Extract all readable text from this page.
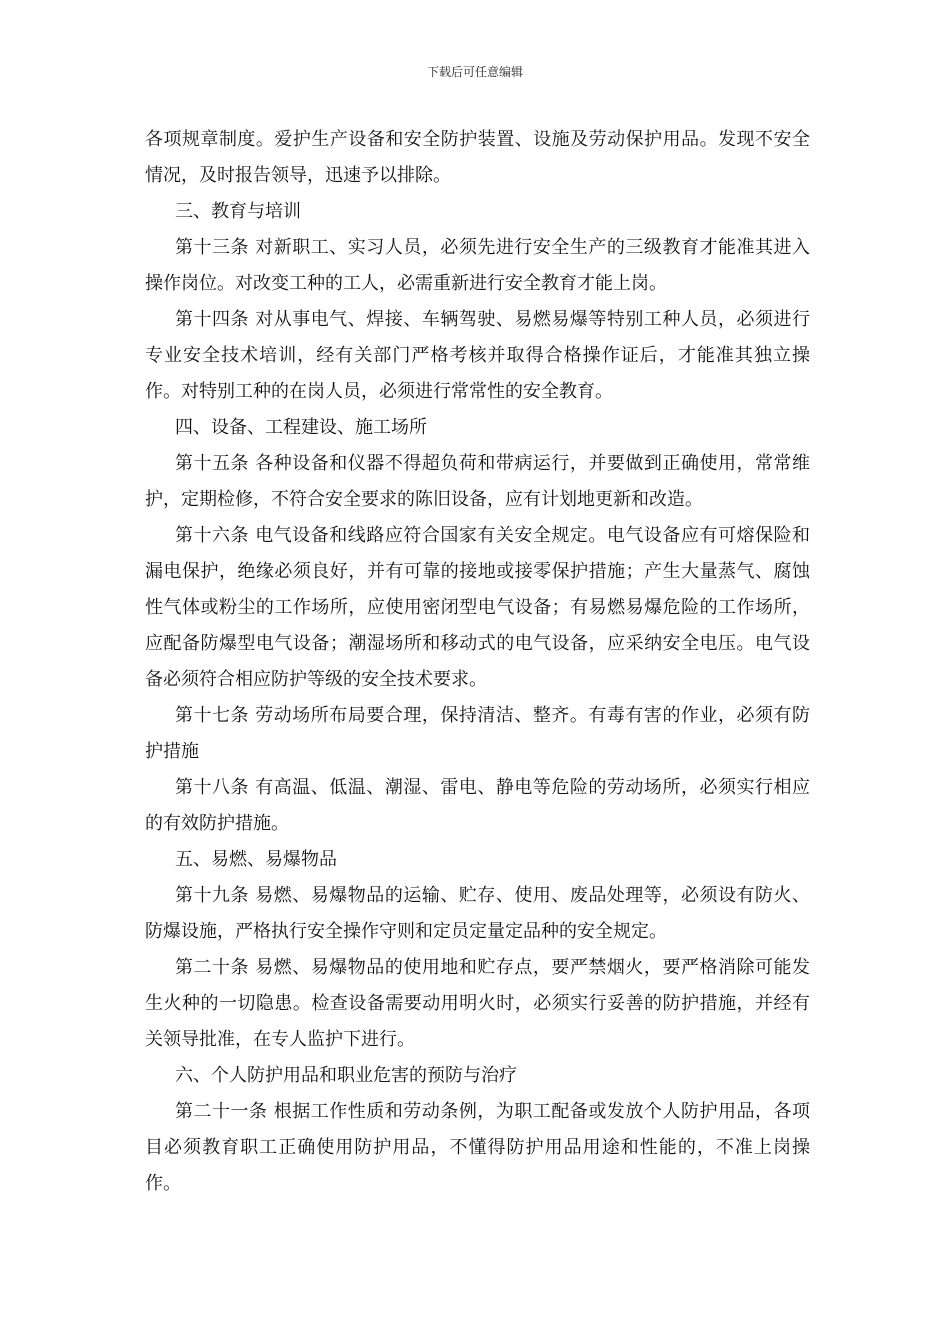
下载后可任意编辑

各项规章制度。爱护生产设备和安全防护装置、设施及劳动保护用品。发现不安全情况，及时报告领导，迅速予以排除。

三、教育与培训

第十三条 对新职工、实习人员，必须先进行安全生产的三级教育才能准其进入操作岗位。对改变工种的工人，必需重新进行安全教育才能上岗。

第十四条 对从事电气、焊接、车辆驾驶、易燃易爆等特别工种人员，必须进行专业安全技术培训，经有关部门严格考核并取得合格操作证后，才能准其独立操作。对特别工种的在岗人员，必须进行常常性的安全教育。

四、设备、工程建设、施工场所

第十五条 各种设备和仪器不得超负荷和带病运行，并要做到正确使用，常常维护，定期检修，不符合安全要求的陈旧设备，应有计划地更新和改造。

第十六条 电气设备和线路应符合国家有关安全规定。电气设备应有可熔保险和漏电保护，绝缘必须良好，并有可靠的接地或接零保护措施；产生大量蒸气、腐蚀性气体或粉尘的工作场所，应使用密闭型电气设备；有易燃易爆危险的工作场所，应配备防爆型电气设备；潮湿场所和移动式的电气设备，应采纳安全电压。电气设备必须符合相应防护等级的安全技术要求。

第十七条 劳动场所布局要合理，保持清洁、整齐。有毒有害的作业，必须有防护措施

第十八条 有高温、低温、潮湿、雷电、静电等危险的劳动场所，必须实行相应的有效防护措施。

五、易燃、易爆物品

第十九条 易燃、易爆物品的运输、贮存、使用、废品处理等，必须设有防火、防爆设施，严格执行安全操作守则和定员定量定品种的安全规定。

第二十条 易燃、易爆物品的使用地和贮存点，要严禁烟火，要严格消除可能发生火种的一切隐患。检查设备需要动用明火时，必须实行妥善的防护措施，并经有关领导批准，在专人监护下进行。

六、个人防护用品和职业危害的预防与治疗

第二十一条 根据工作性质和劳动条例，为职工配备或发放个人防护用品，各项目必须教育职工正确使用防护用品，不懂得防护用品用途和性能的，不准上岗操作。
